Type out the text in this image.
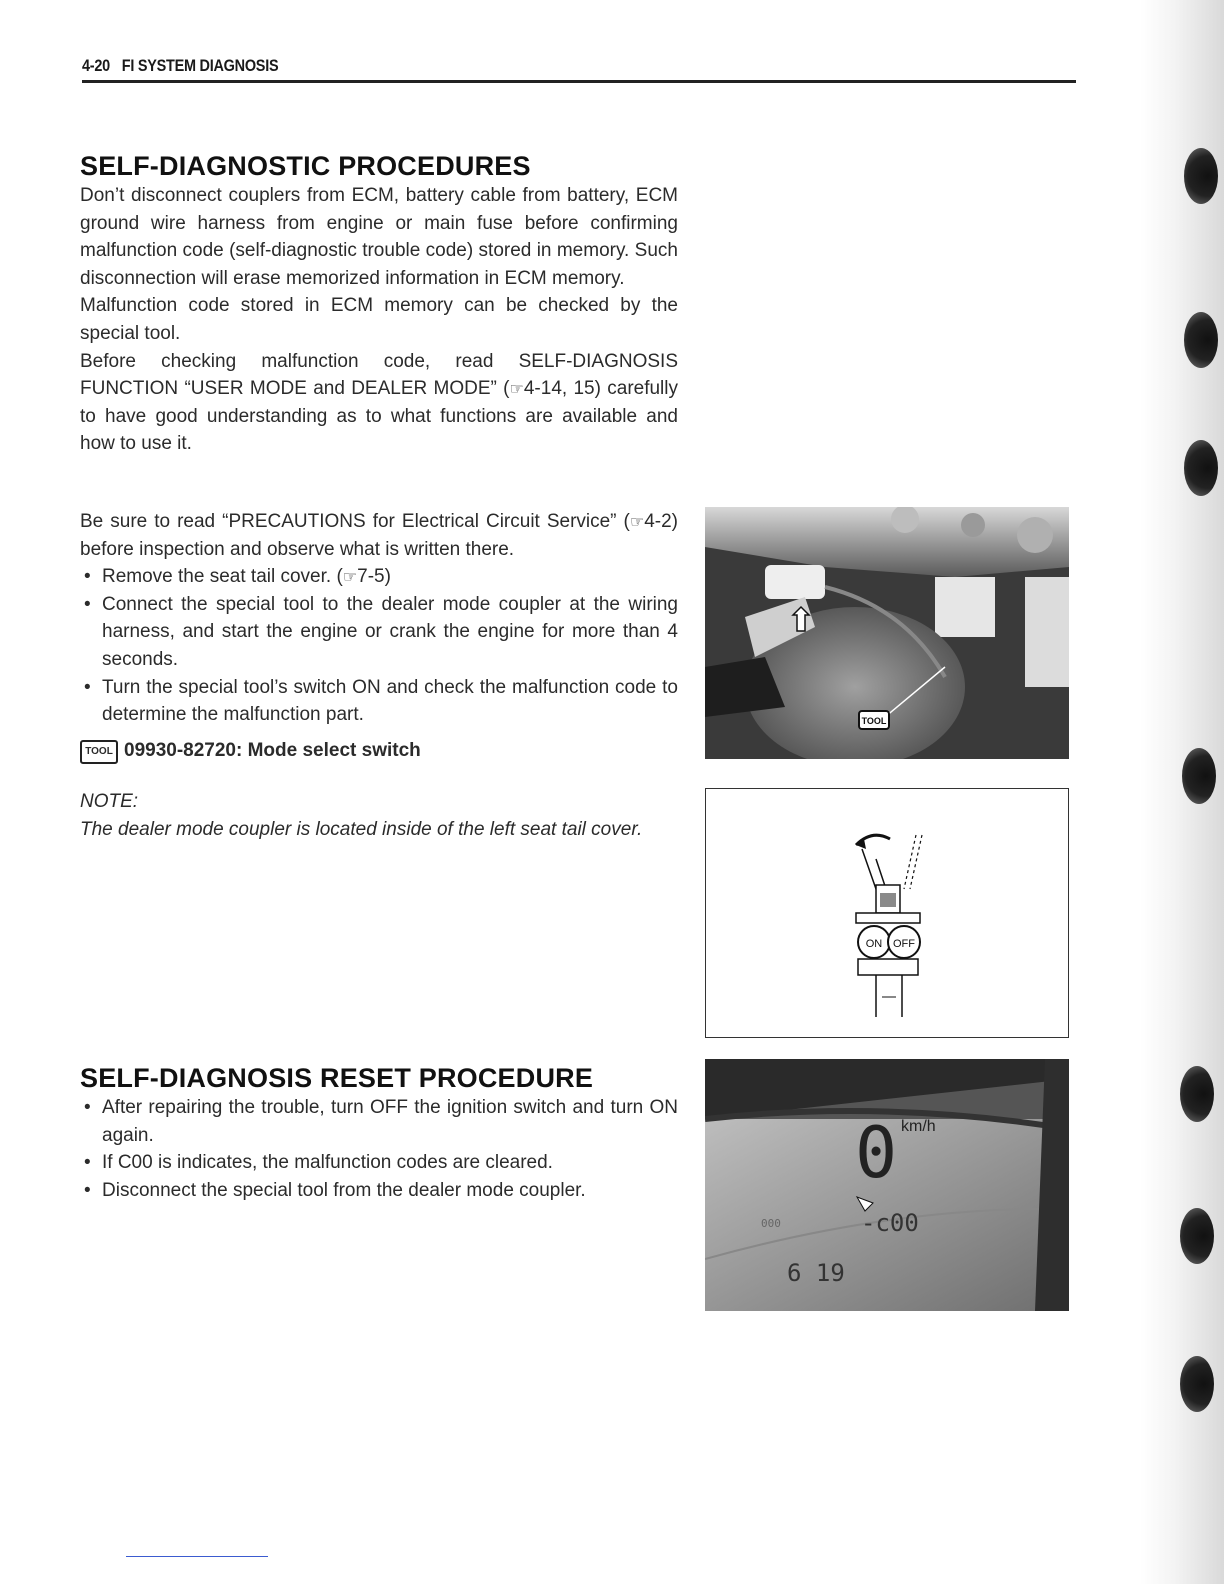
4-20 FI SYSTEM DIAGNOSIS
SELF-DIAGNOSTIC PROCEDURES

Don’t disconnect couplers from ECM, battery cable from battery, ECM ground wire harness from engine or main fuse before confirming malfunction code (self-diagnostic trouble code) stored in memory. Such disconnection will erase memorized information in ECM memory.

Malfunction code stored in ECM memory can be checked by the special tool.

Before checking malfunction code, read SELF-DIAGNOSIS FUNCTION “USER MODE and DEALER MODE” (☞4-14, 15) carefully to have good understanding as to what functions are available and how to use it.

Be sure to read “PRECAUTIONS for Electrical Circuit Service” (☞4-2) before inspection and observe what is written there.

• Remove the seat tail cover. (☞7-5)
• Connect the special tool to the dealer mode coupler at the wiring harness, and start the engine or crank the engine for more than 4 seconds.
• Turn the special tool’s switch ON and check the malfunction code to determine the malfunction part.
TOOL 09930-82720: Mode select switch

NOTE:

The dealer mode coupler is located inside of the left seat tail cover.

SELF-DIAGNOSIS RESET PROCEDURE
• After repairing the trouble, turn OFF the ignition switch and turn ON again.
• If C00 is indicates, the malfunction codes are cleared.
• Disconnect the special tool from the dealer mode coupler.
TOOL
ON OFF
0 km/h
-c00
6 19
000
